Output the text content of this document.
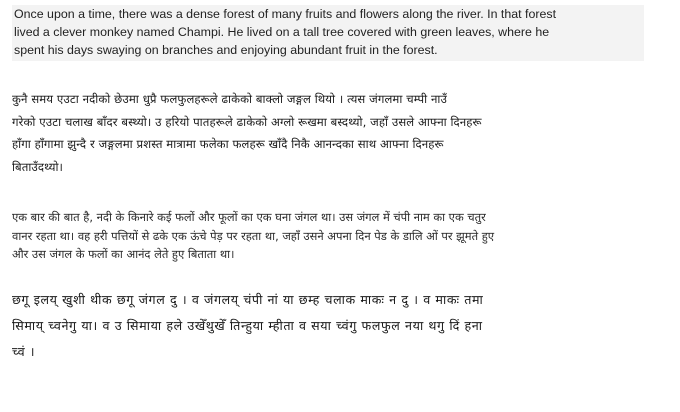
Once upon a time, there was a dense forest of many fruits and flowers along the river. In that forest
lived a clever monkey named Champi. He lived on a tall tree covered with green leaves, where he
spent his days swaying on branches and enjoying abundant fruit in the forest.

कुनै समय एउटा नदीको छेउमा धुप्रै फलफुलहरूले ढाकेको बाक्लो जङ्गल थियो । त्यस जंगलमा चम्पी नाउँ
गरेको एउटा चलाख बाँदर बस्थ्यो। उ हरियो पातहरूले ढाकेको अग्लो रूखमा बस्दथ्यो, जहाँ उसले आफ्ना दिनहरू
हाँगा हाँगामा झुन्दै र जङ्गलमा प्रशस्त मात्रामा फलेका फलहरू खाँदै निकै आनन्दका साथ आफ्ना दिनहरू
बिताउँदथ्यो।

एक बार की बात है, नदी के किनारे कई फलों और फूलों का एक घना जंगल था। उस जंगल में चंपी नाम का एक चतुर
वानर रहता था। वह हरी पत्तियों से ढके एक ऊंचे पेड़ पर रहता था, जहाँ उसने अपना दिन पेड के डालि ओं पर झूमते हुए
और उस जंगल के फलों का आनंद लेते हुए बिताता था।

छगू इलय् खुशी थीक छगू जंगल दु । व जंगलय् चंपी नां या छम्ह चलाक माकः न दु । व माकः तमा
सिमाय् च्वनेगु या। व उ सिमाया हले उखेँथुखेँ तिन्हुया म्हीता व सया च्वंगु फलफुल नया थगु दिं हना
च्वं ।
